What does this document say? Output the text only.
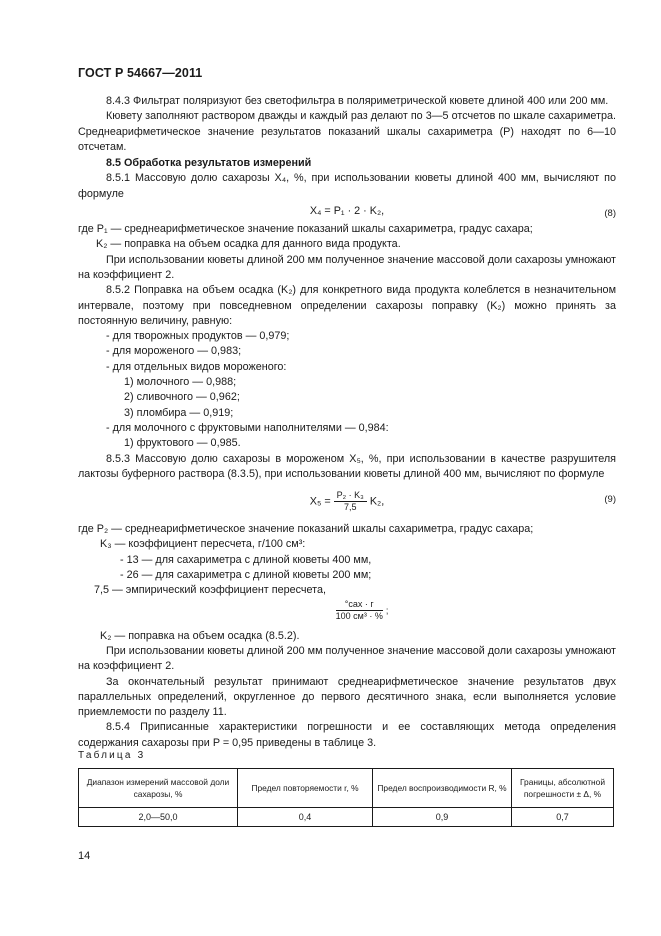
ГОСТ Р 54667—2011

8.4.3 Фильтрат поляризуют без светофильтра в поляриметрической кювете длиной 400 или 200 мм.

Кювету заполняют раствором дважды и каждый раз делают по 3—5 отсчетов по шкале сахариметра. Среднеарифметическое значение результатов показаний шкалы сахариметра (Р) находят по 6—10 отсчетам.

8.5 Обработка результатов измерений

8.5.1 Массовую долю сахарозы X₄, %, при использовании кюветы длиной 400 мм, вычисляют по формуле

X₄ = P₁ · 2 · K₂,	(8)

где P₁ — среднеарифметическое значение показаний шкалы сахариметра, градус сахара;

K₂ — поправка на объем осадка для данного вида продукта.

При использовании кюветы длиной 200 мм полученное значение массовой доли сахарозы умножают на коэффициент 2.

8.5.2 Поправка на объем осадка (K₂) для конкретного вида продукта колеблется в незначительном интервале, поэтому при повседневном определении сахарозы поправку (K₂) можно принять за постоянную величину, равную:

- для творожных продуктов — 0,979;

- для мороженого — 0,983;

- для отдельных видов мороженого:

1) молочного — 0,988;

2) сливочного — 0,962;

3) пломбира — 0,919;

- для молочного с фруктовыми наполнителями — 0,984:

1) фруктового — 0,985.

8.5.3 Массовую долю сахарозы в мороженом X₅, %, при использовании в качестве разрушителя лактозы буферного раствора (8.3.5), при использовании кюветы длиной 400 мм, вычисляют по формуле

$X_5 = \frac{\text{P₂ · K₃}}{7,5} K_2$,	(9)

где P₂ — среднеарифметическое значение показаний шкалы сахариметра, градус сахара;

K₃ — коэффициент пересчета, г/100 см³:

- 13 — для сахариметра с длиной кюветы 400 мм,

- 26 — для сахариметра с длиной кюветы 200 мм;

7,5 — эмпирический коэффициент пересчета,

$\frac{\text{°сах · г}}{\text{100 см³ · \%}}$ ;

K₂ — поправка на объем осадка (8.5.2).

При использовании кюветы длиной 200 мм полученное значение массовой доли сахарозы умножают на коэффициент 2.

За окончательный результат принимают среднеарифметическое значение результатов двух параллельных определений, округленное до первого десятичного знака, если выполняется условие приемлемости по разделу 11.

8.5.4 Приписанные характеристики погрешности и ее составляющих метода определения содержания сахарозы при P = 0,95 приведены в таблице 3.

Таблица 3
Диапазон измерений массовой доли сахарозы, %	Предел повторяемости r, %	Предел воспроизводимости R, %	Границы, абсолютной погрешности ± Δ, %
2,0—50,0	0,4	0,9	0,7
14
